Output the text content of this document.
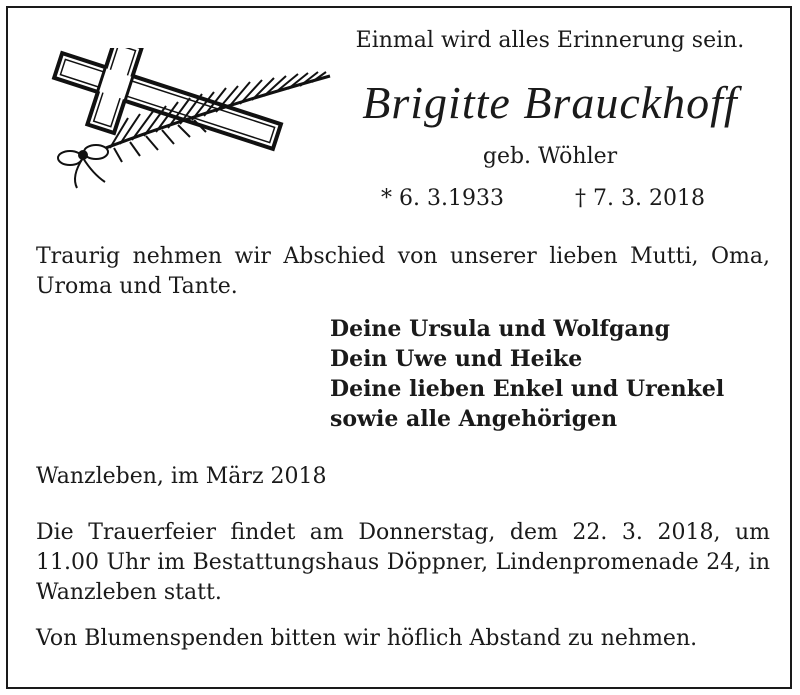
Einmal wird alles Erinnerung sein.
Brigitte Brauckhoff
geb. Wöhler
* 6. 3.1933	† 7. 3. 2018
Traurig nehmen wir Abschied von unserer lieben Mutti, Oma, Uroma und Tante.
Deine Ursula und Wolfgang
Dein Uwe und Heike
Deine lieben Enkel und Urenkel
sowie alle Angehörigen
Wanzleben, im März 2018
Die Trauerfeier findet am Donnerstag, dem 22. 3. 2018, um 11.00 Uhr im Bestattungshaus Döppner, Lindenpromenade 24, in Wanzleben statt.
Von Blumenspenden bitten wir höflich Abstand zu nehmen.
